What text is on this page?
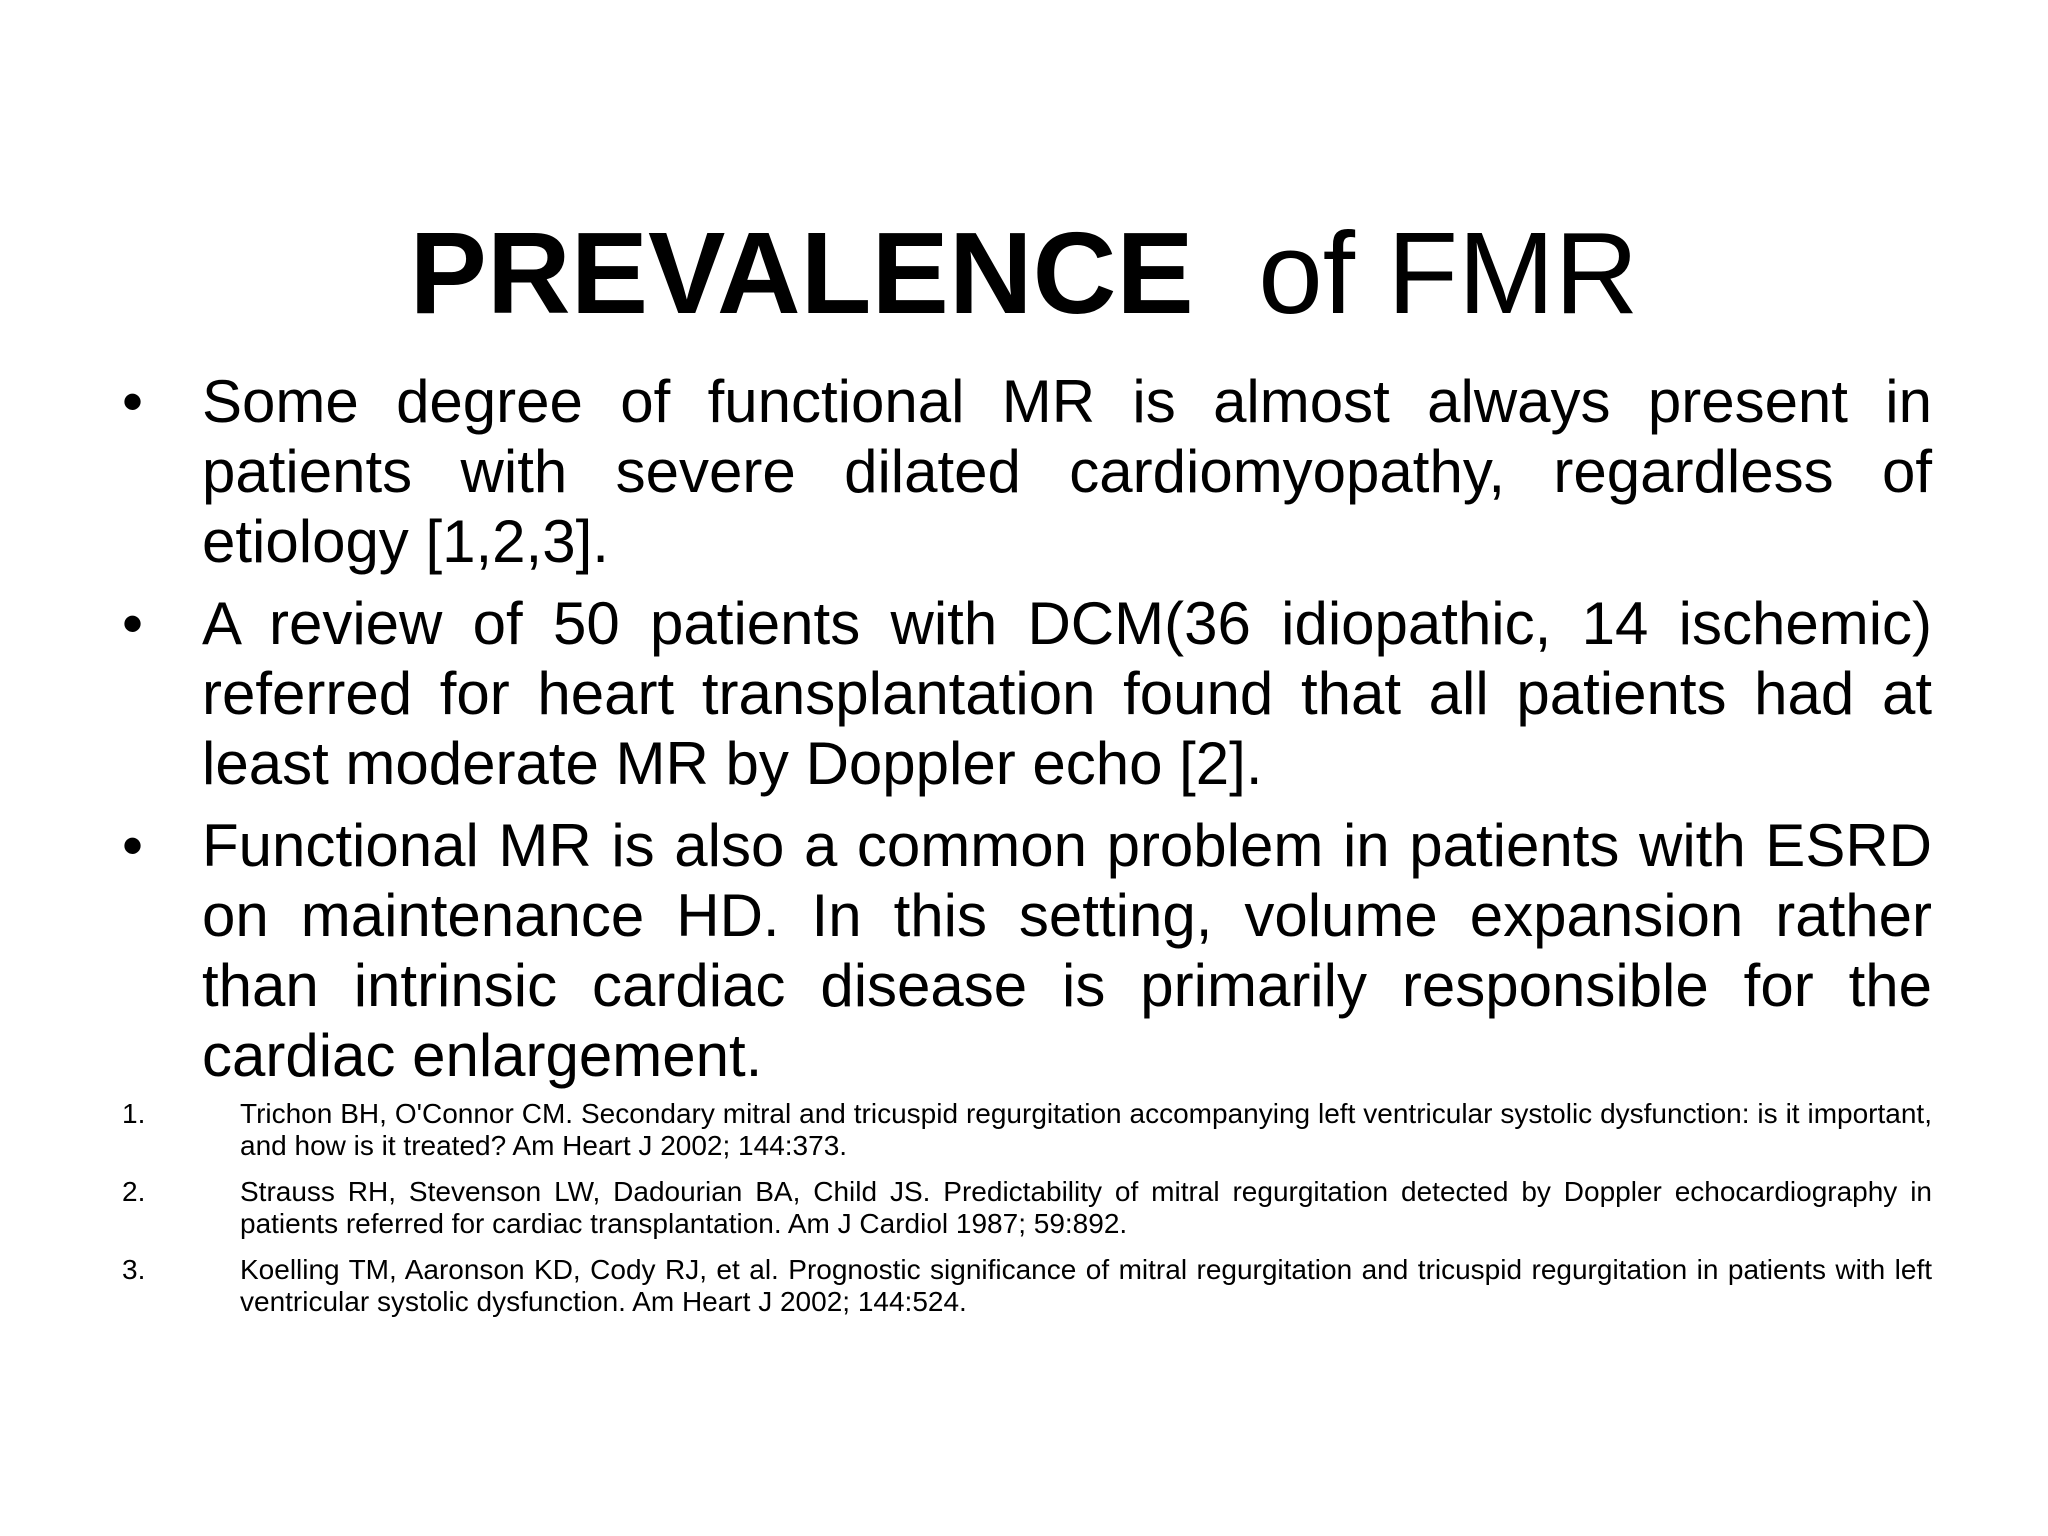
PREVALENCE of FMR
• Some degree of functional MR is almost always present in patients with severe dilated cardiomyopathy, regardless of etiology [1,2,3].
• A review of 50 patients with DCM(36 idiopathic, 14 ischemic) referred for heart transplantation found that all patients had at least moderate MR by Doppler echo [2].
• Functional MR is also a common problem in patients with ESRD on maintenance HD. In this setting, volume expansion rather than intrinsic cardiac disease is primarily responsible for the cardiac enlargement.
1.	Trichon BH, O'Connor CM. Secondary mitral and tricuspid regurgitation accompanying left ventricular systolic dysfunction: is it important, and how is it treated? Am Heart J 2002; 144:373.
2.	Strauss RH, Stevenson LW, Dadourian BA, Child JS. Predictability of mitral regurgitation detected by Doppler echocardiography in patients referred for cardiac transplantation. Am J Cardiol 1987; 59:892.
3.	Koelling TM, Aaronson KD, Cody RJ, et al. Prognostic significance of mitral regurgitation and tricuspid regurgitation in patients with left ventricular systolic dysfunction. Am Heart J 2002; 144:524.
